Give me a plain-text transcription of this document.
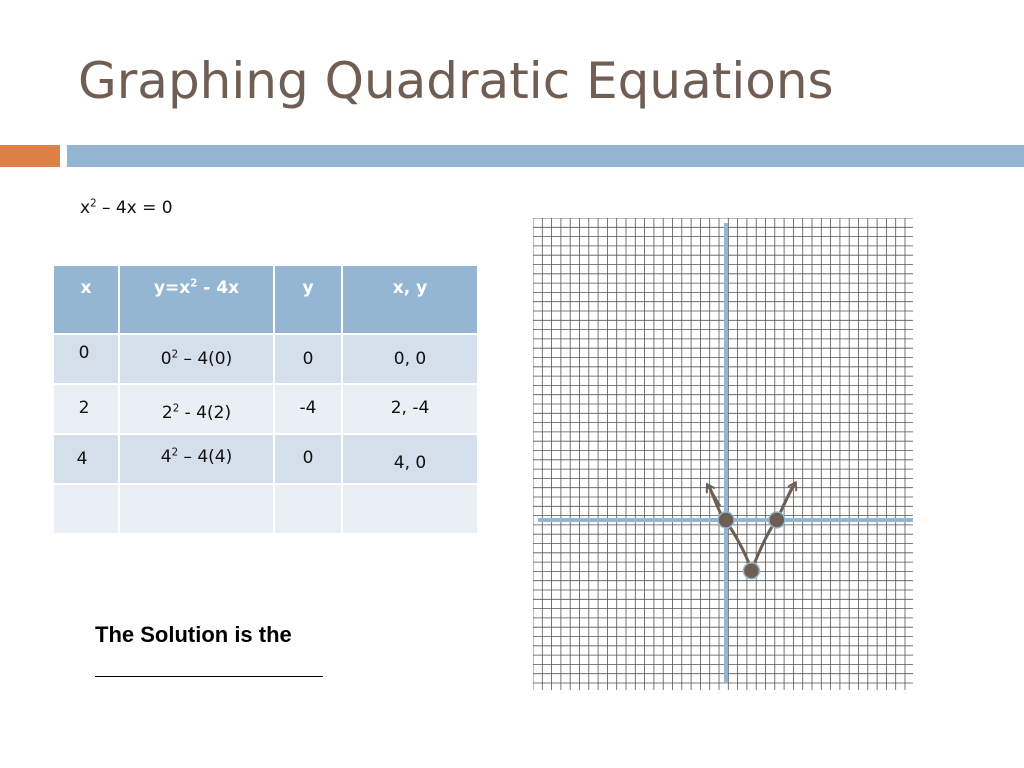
Graphing Quadratic Equations
$x^2 - 4x = 0$
x	$y=x^2 - 4x$	y	x, y

0	$0^2 - 4(0)$	0	0, 0

2	$2^2 - 4(2)$	-4	2, -4

4	$4^2 - 4(4)$	0	4, 0

The Solution is the
